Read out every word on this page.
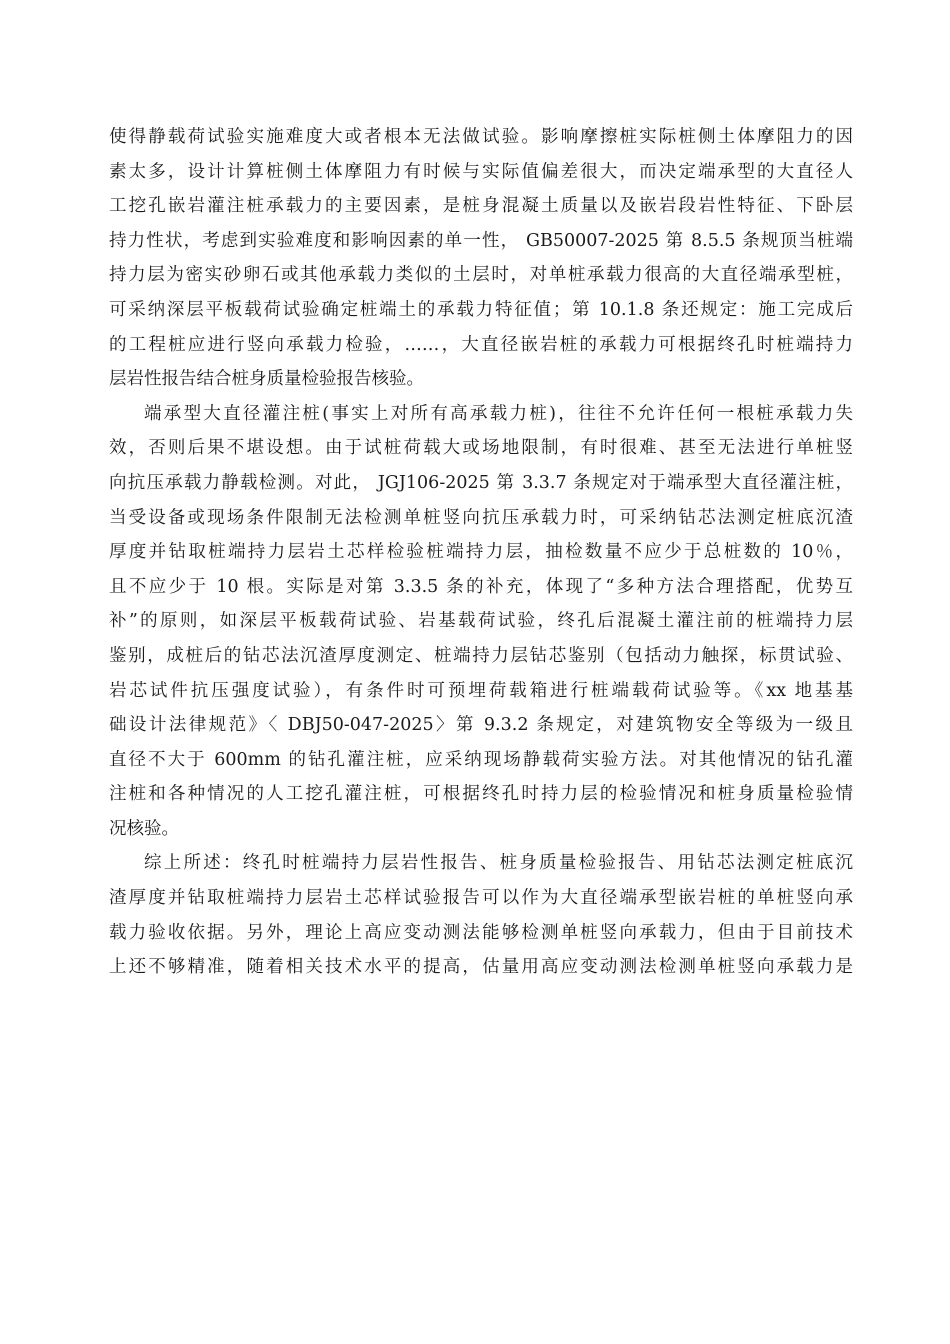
使得静载荷试验实施难度大或者根本无法做试验。影响摩擦桩实际桩侧土体摩阻力的因
素太多，设计计算桩侧土体摩阻力有时候与实际值偏差很大，而决定端承型的大直径人
工挖孔嵌岩灌注桩承载力的主要因素，是桩身混凝土质量以及嵌岩段岩性特征、下卧层
持力性状，考虑到实验难度和影响因素的单一性， GB50007-2025 第 8.5.5 条规顶当桩端
持力层为密实砂卵石或其他承载力类似的土层时，对单桩承载力很高的大直径端承型桩，
可采纳深层平板载荷试验确定桩端土的承载力特征值；第 10.1.8 条还规定：施工完成后
的工程桩应进行竖向承载力检验，……，大直径嵌岩桩的承载力可根据终孔时桩端持力
层岩性报告结合桩身质量检验报告核验。
端承型大直径灌注桩(事实上对所有高承载力桩)，往往不允许任何一根桩承载力失
效，否则后果不堪设想。由于试桩荷载大或场地限制，有时很难、甚至无法进行单桩竖
向抗压承载力静载检测。对此， JGJ106-2025 第 3.3.7 条规定对于端承型大直径灌注桩，
当受设备或现场条件限制无法检测单桩竖向抗压承载力时，可采纳钻芯法测定桩底沉渣
厚度并钻取桩端持力层岩土芯样检验桩端持力层，抽检数量不应少于总桩数的 10％，
且不应少于 10 根。实际是对第 3.3.5 条的补充，体现了“多种方法合理搭配，优势互
补”的原则，如深层平板载荷试验、岩基载荷试验，终孔后混凝土灌注前的桩端持力层
鉴别，成桩后的钻芯法沉渣厚度测定、桩端持力层钻芯鉴别（包括动力触探，标贯试验、
岩芯试件抗压强度试验），有条件时可预埋荷载箱进行桩端载荷试验等。《xx 地基基
础设计法律规范》〈 DBJ50-047-2025〉第 9.3.2 条规定，对建筑物安全等级为一级且
直径不大于 600mm 的钻孔灌注桩，应采纳现场静载荷实验方法。对其他情况的钻孔灌
注桩和各种情况的人工挖孔灌注桩，可根据终孔时持力层的检验情况和桩身质量检验情
况核验。
综上所述：终孔时桩端持力层岩性报告、桩身质量检验报告、用钻芯法测定桩底沉
渣厚度并钻取桩端持力层岩土芯样试验报告可以作为大直径端承型嵌岩桩的单桩竖向承
载力验收依据。另外，理论上高应变动测法能够检测单桩竖向承载力，但由于目前技术
上还不够精准，随着相关技术水平的提高，估量用高应变动测法检测单桩竖向承载力是
